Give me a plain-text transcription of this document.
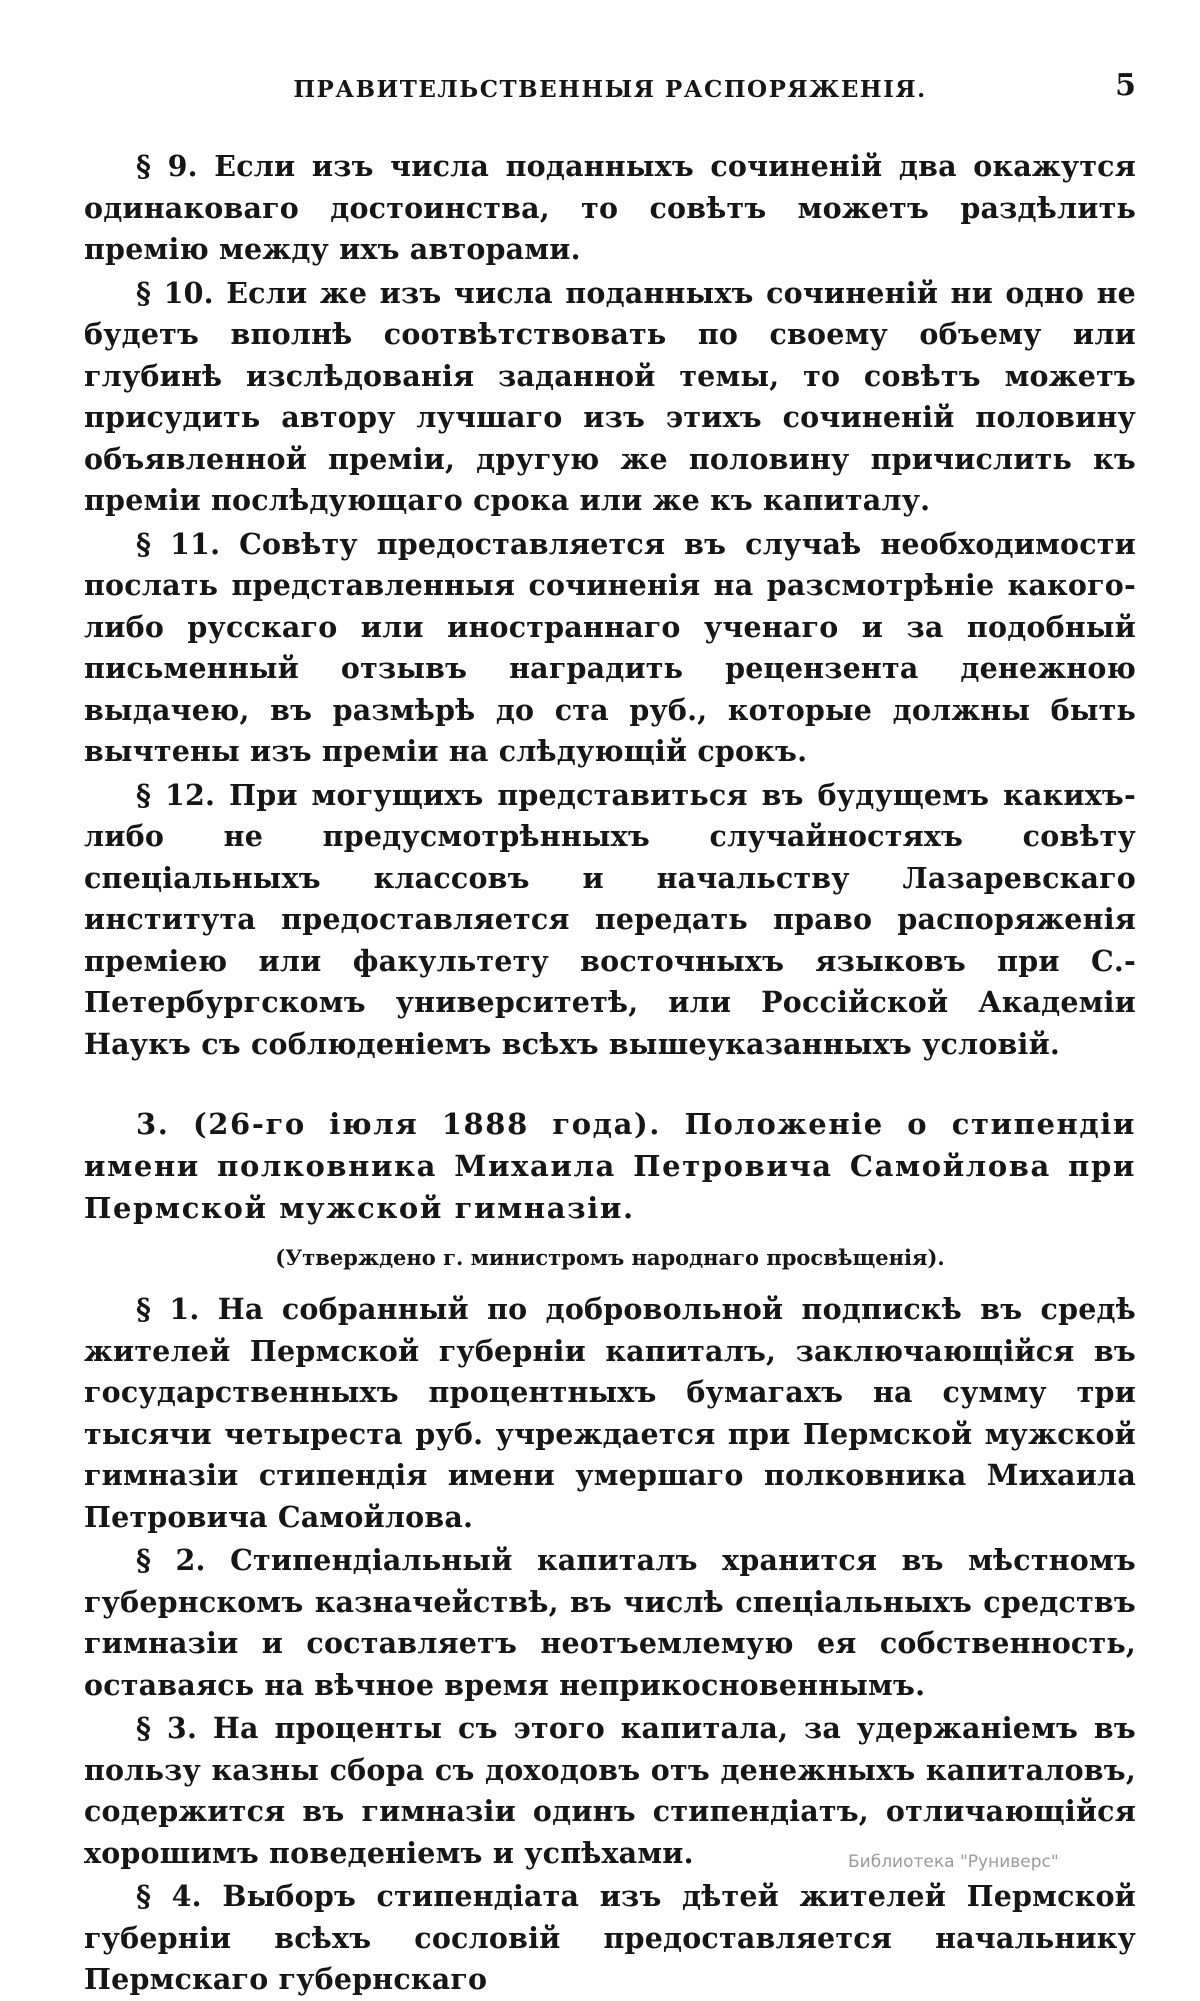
ПРАВИТЕЛЬСТВЕННЫЯ РАСПОРЯЖЕНІЯ.	5

§ 9. Если изъ числа поданныхъ сочиненій два окажутся одинаковаго достоинства, то совѣтъ можетъ раздѣлить премію между ихъ авторами.

§ 10. Если же изъ числа поданныхъ сочиненій ни одно не будетъ вполнѣ соотвѣтствовать по своему объему или глубинѣ изслѣдованія заданной темы, то совѣтъ можетъ присудить автору лучшаго изъ этихъ сочиненій половину объявленной преміи, другую же половину причислить къ преміи послѣдующаго срока или же къ капиталу.

§ 11. Совѣту предоставляется въ случаѣ необходимости послать представленныя сочиненія на разсмотрѣніе какого-либо русскаго или иностраннаго ученаго и за подобный письменный отзывъ наградить рецензента денежною выдачею, въ размѣрѣ до ста руб., которые должны быть вычтены изъ преміи на слѣдующій срокъ.

§ 12. При могущихъ представиться въ будущемъ какихъ-либо не предусмотрѣнныхъ случайностяхъ совѣту спеціальныхъ классовъ и начальству Лазаревскаго института предоставляется передать право распоряженія преміею или факультету восточныхъ языковъ при С.-Петербургскомъ университетѣ, или Россійской Академіи Наукъ съ соблюденіемъ всѣхъ вышеуказанныхъ условій.

3. (26-го іюля 1888 года). Положеніе о стипендіи имени полковника Михаила Петровича Самойлова при Пермской мужской гимназіи.

(Утверждено г. министромъ народнаго просвѣщенія).

§ 1. На собранный по добровольной подпискѣ въ средѣ жителей Пермской губерніи капиталъ, заключающійся въ государственныхъ процентныхъ бумагахъ на сумму три тысячи четыреста руб. учреждается при Пермской мужской гимназіи стипендія имени умершаго полковника Михаила Петровича Самойлова.

§ 2. Стипендіальный капиталъ хранится въ мѣстномъ губернскомъ казначействѣ, въ числѣ спеціальныхъ средствъ гимназіи и составляетъ неотъемлемую ея собственность, оставаясь на вѣчное время неприкосновеннымъ.

§ 3. На проценты съ этого капитала, за удержаніемъ въ пользу казны сбора съ доходовъ отъ денежныхъ капиталовъ, содержится въ гимназіи одинъ стипендіатъ, отличающійся хорошимъ поведеніемъ и успѣхами.

§ 4. Выборъ стипендіата изъ дѣтей жителей Пермской губерніи всѣхъ сословій предоставляется начальнику Пермскаго губернскаго

Библиотека "Руниверс"
